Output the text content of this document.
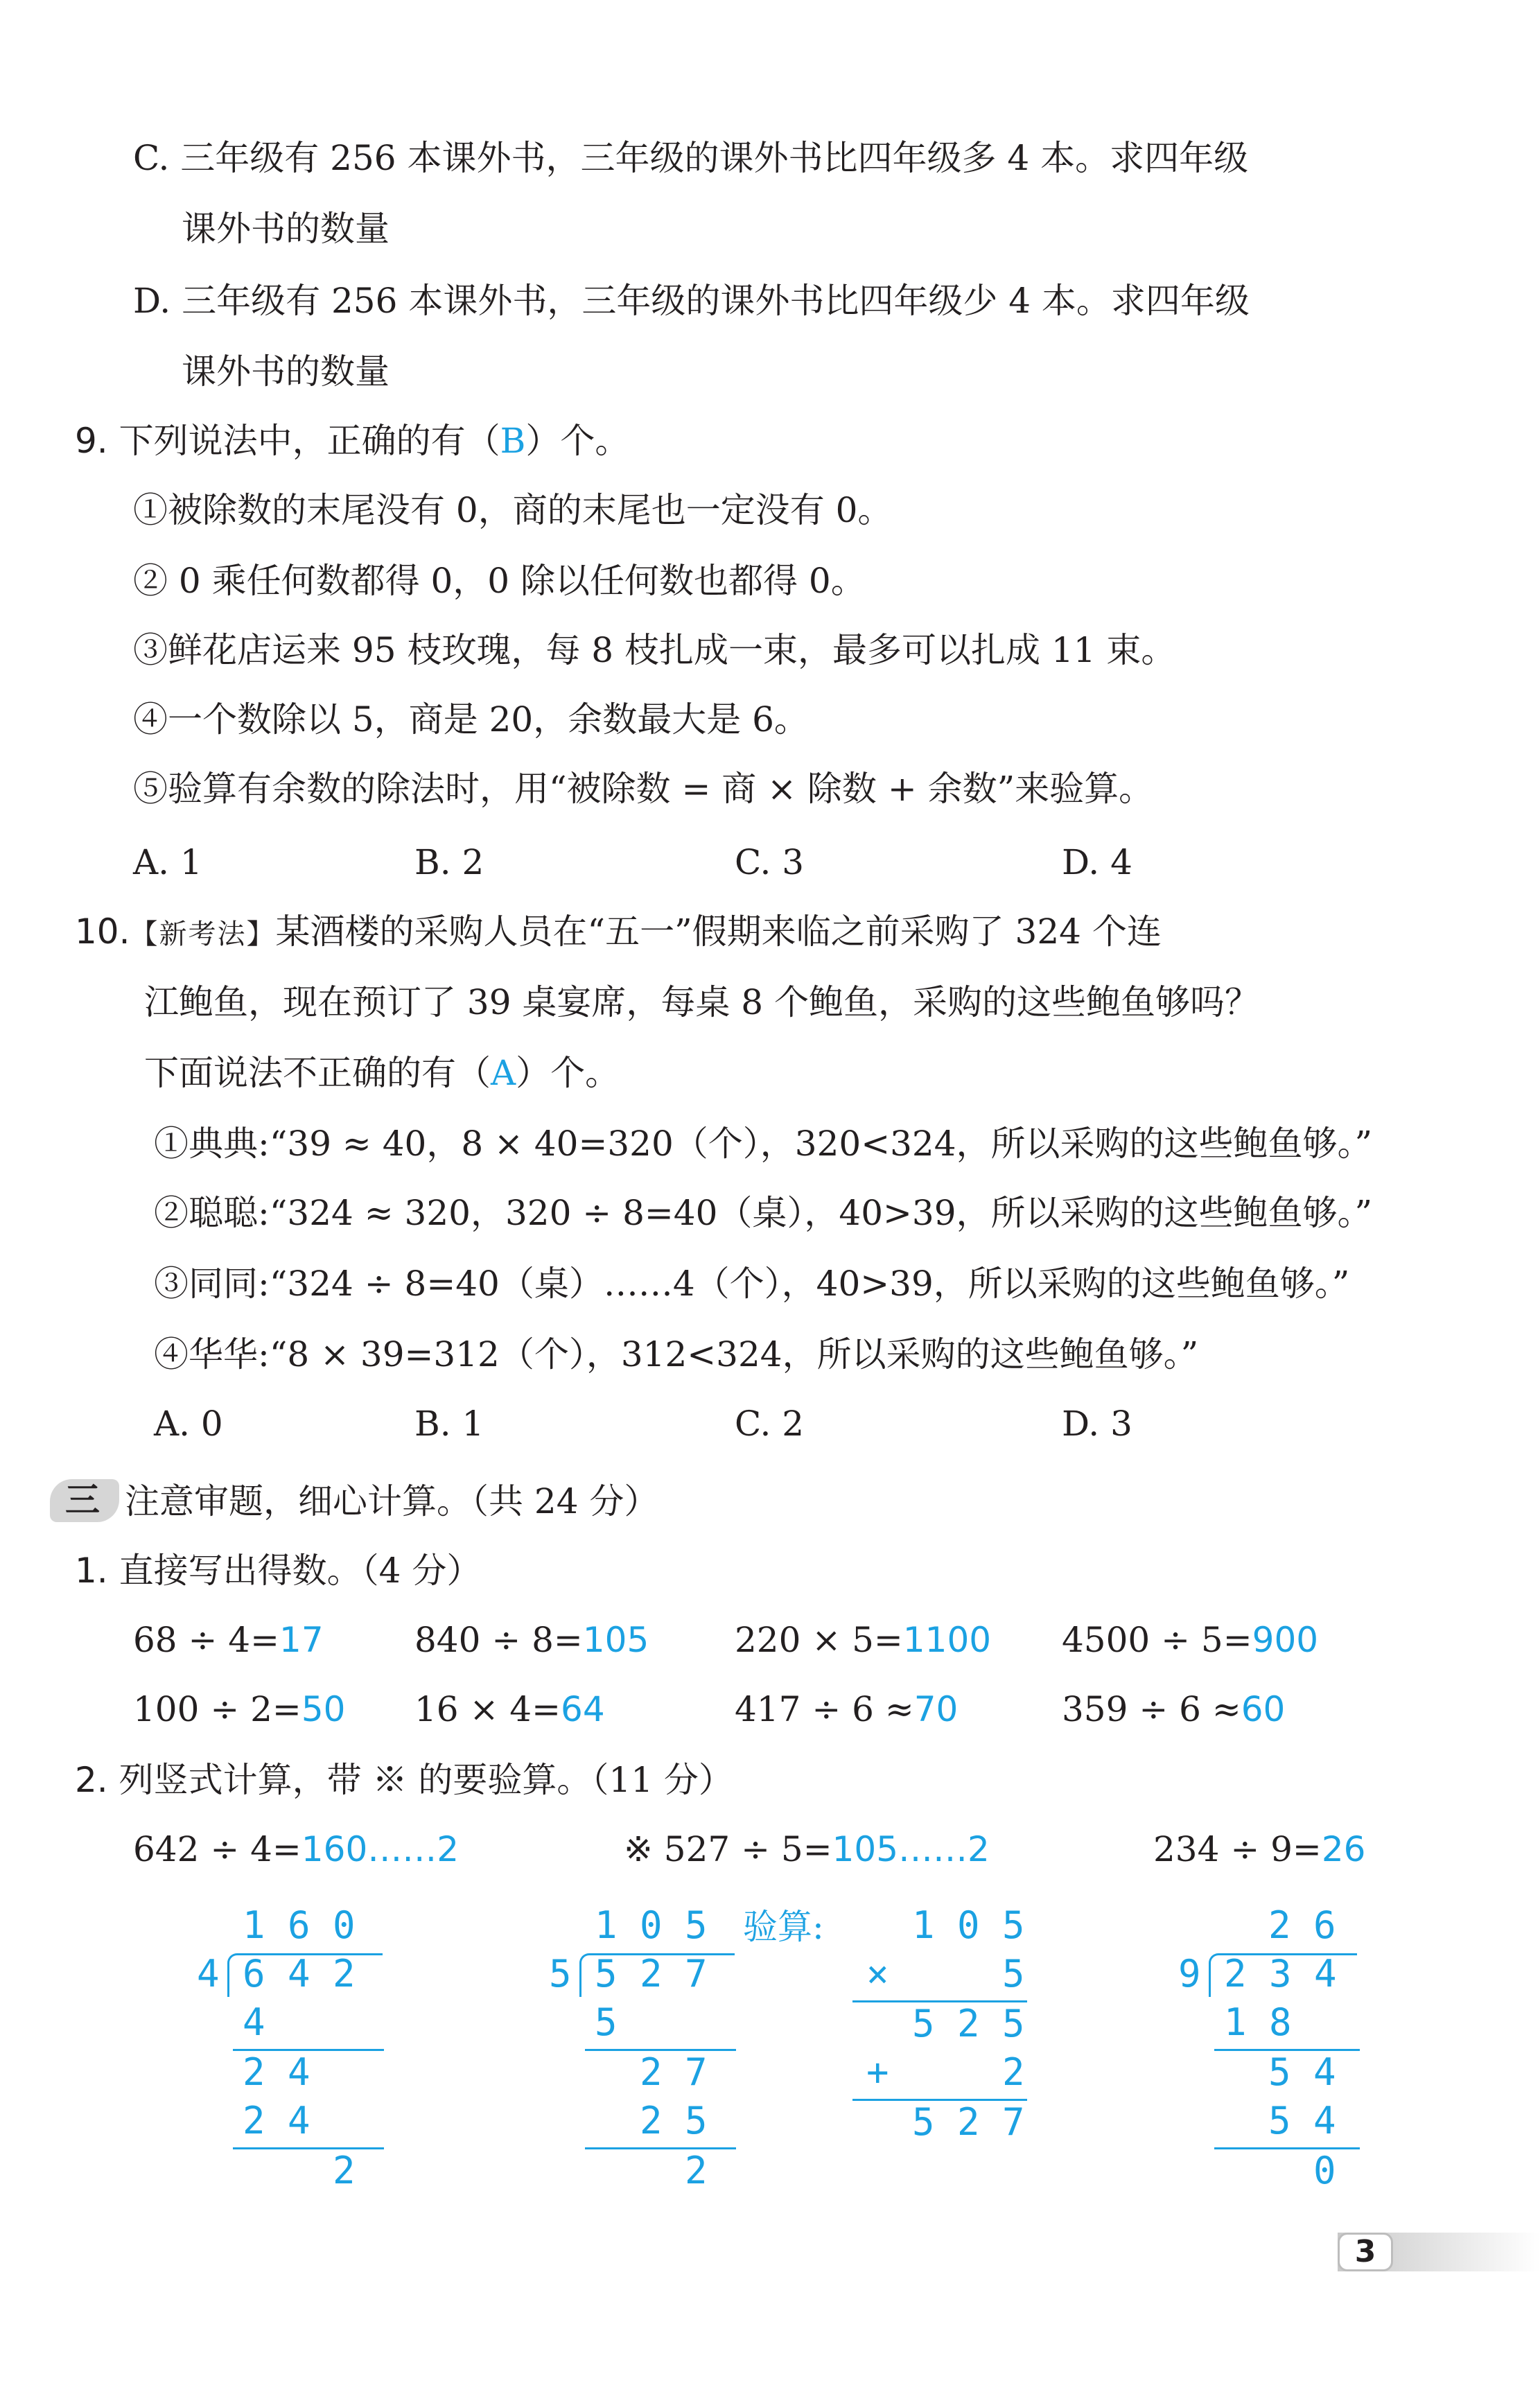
C. 三年级有 256 本课外书，三年级的课外书比四年级多 4 本。求四年级
课外书的数量
D. 三年级有 256 本课外书，三年级的课外书比四年级少 4 本。求四年级
课外书的数量
9. 下列说法中，正确的有（B）个。
①被除数的末尾没有 0，商的末尾也一定没有 0。
② 0 乘任何数都得 0，0 除以任何数也都得 0。
③鲜花店运来 95 枝玫瑰，每 8 枝扎成一束，最多可以扎成 11 束。
④一个数除以 5，商是 20，余数最大是 6。
⑤验算有余数的除法时，用“被除数 = 商 × 除数 + 余数”来验算。
A. 1	B. 2	C. 3	D. 4
10.【新考法】某酒楼的采购人员在“五一”假期来临之前采购了 324 个连
江鲍鱼，现在预订了 39 桌宴席，每桌 8 个鲍鱼，采购的这些鲍鱼够吗？
下面说法不正确的有（A）个。
①典典:“39 ≈ 40，8 × 40=320（个），320<324，所以采购的这些鲍鱼够。”
②聪聪:“324 ≈ 320，320 ÷ 8=40（桌），40>39，所以采购的这些鲍鱼够。”
③同同:“324 ÷ 8=40（桌）……4（个），40>39，所以采购的这些鲍鱼够。”
④华华:“8 × 39=312（个），312<324，所以采购的这些鲍鱼够。”
A. 0	B. 1	C. 2	D. 3
三 注意审题，细心计算。（共 24 分）
1. 直接写出得数。（4 分）
68 ÷ 4=17	840 ÷ 8=105 220 × 5=1100 4500 ÷ 5=900
100 ÷ 2=50 16 × 4=64	417 ÷ 6 ≈70	359 ÷ 6 ≈60
2. 列竖式计算，带 ※ 的要验算。（11 分）
642 ÷ 4=160……2	※ 527 ÷ 5=105……2	234 ÷ 9=26
1 6 0
4 6 4 2
4
2 4
2 4
2
1 0 5 验算:
5 5 2 7
5
2 7
2 5
2
1 0 5
×	5
5 2 5
+	2
5 2 7
2 6
9 2 3 4
1 8
5 4
5 4
0
3
